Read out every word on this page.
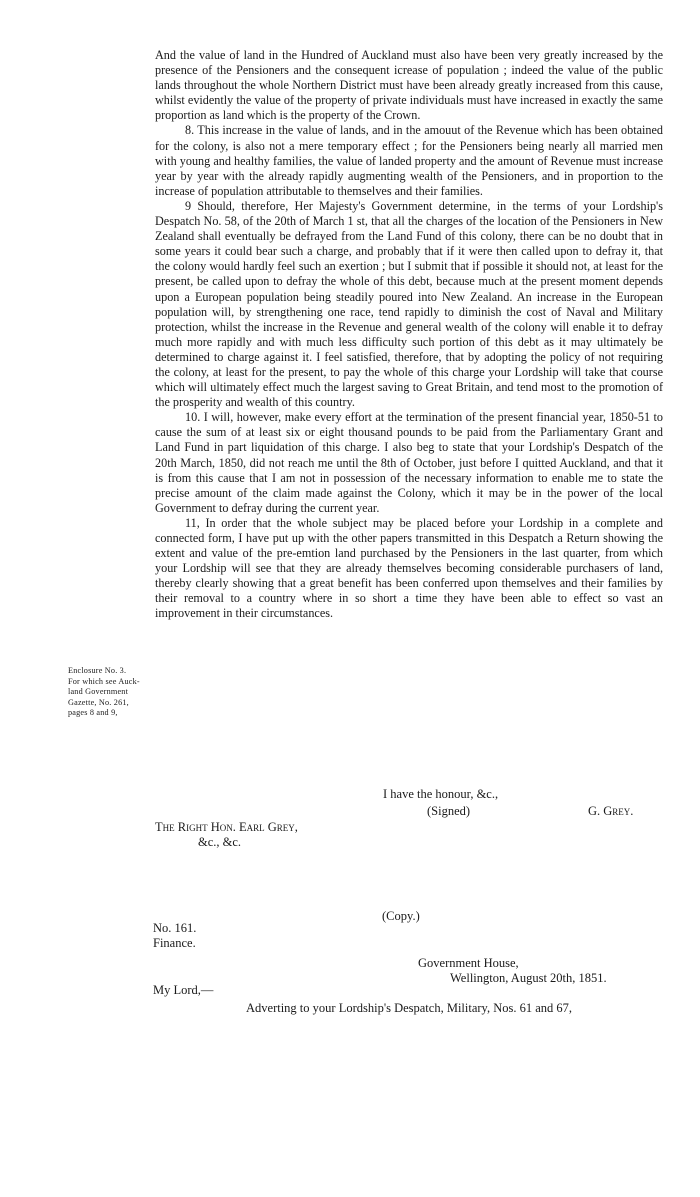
And the value of land in the Hundred of Auckland must also have been very greatly increased by the presence of the Pensioners and the consequent icrease of population ; indeed the value of the public lands throughout the whole Northern District must have been already greatly increased from this cause, whilst evidently the value of the property of private individuals must have increased in exactly the same proportion as land which is the property of the Crown.

8. This increase in the value of lands, and in the amouut of the Revenue which has been obtained for the colony, is also not a mere temporary effect ; for the Pensioners being nearly all married men with young and healthy families, the value of landed property and the amount of Revenue must increase year by year with the already rapidly augmenting wealth of the Pensioners, and in proportion to the increase of population attributable to themselves and their families.

9 Should, therefore, Her Majesty's Government determine, in the terms of your Lordship's Despatch No. 58, of the 20th of March 1 st, that all the charges of the location of the Pensioners in New Zealand shall eventually be defrayed from the Land Fund of this colony, there can be no doubt that in some years it could bear such a charge, and probably that if it were then called upon to defray it, that the colony would hardly feel such an exertion ; but I submit that if possible it should not, at least for the present, be called upon to defray the whole of this debt, because much at the present moment depends upon a European population being steadily poured into New Zealand. An increase in the European population will, by strengthening one race, tend rapidly to diminish the cost of Naval and Military protection, whilst the increase in the Revenue and general wealth of the colony will enable it to defray much more rapidly and with much less difficulty such portion of this debt as it may ultimately be determined to charge against it. I feel satisfied, therefore, that by adopting the policy of not requiring the colony, at least for the present, to pay the whole of this charge your Lordship will take that course which will ultimately effect much the largest saving to Great Britain, and tend most to the promotion of the prosperity and wealth of this country.

10. I will, however, make every effort at the termination of the present financial year, 1850-51 to cause the sum of at least six or eight thousand pounds to be paid from the Parliamentary Grant and Land Fund in part liquidation of this charge. I also beg to state that your Lordship's Despatch of the 20th March, 1850, did not reach me until the 8th of October, just before I quitted Auckland, and that it is from this cause that I am not in possession of the necessary information to enable me to state the precise amount of the claim made against the Colony, which it may be in the power of the local Government to defray during the current year.

11, In order that the whole subject may be placed before your Lordship in a complete and connected form, I have put up with the other papers transmitted in this Despatch a Return showing the extent and value of the pre-emtion land purchased by the Pensioners in the last quarter, from which your Lordship will see that they are already themselves becoming considerable purchasers of land, thereby clearly showing that a great benefit has been conferred upon themselves and their families by their removal to a country where in so short a time they have been able to effect so vast an improvement in their circumstances.

Enclosure No. 3.
For which see Auck-
land Government
Gazette, No. 261,
pages 8 and 9,
I have the honour, &c.,
(Signed)	G. Grey.
The Right Hon. Earl Grey,
&c., &c.
(Copy.)
No. 161.
Finance.
Government House,
Wellington, August 20th, 1851.
My Lord,—
Adverting to your Lordship's Despatch, Military, Nos. 61 and 67,
